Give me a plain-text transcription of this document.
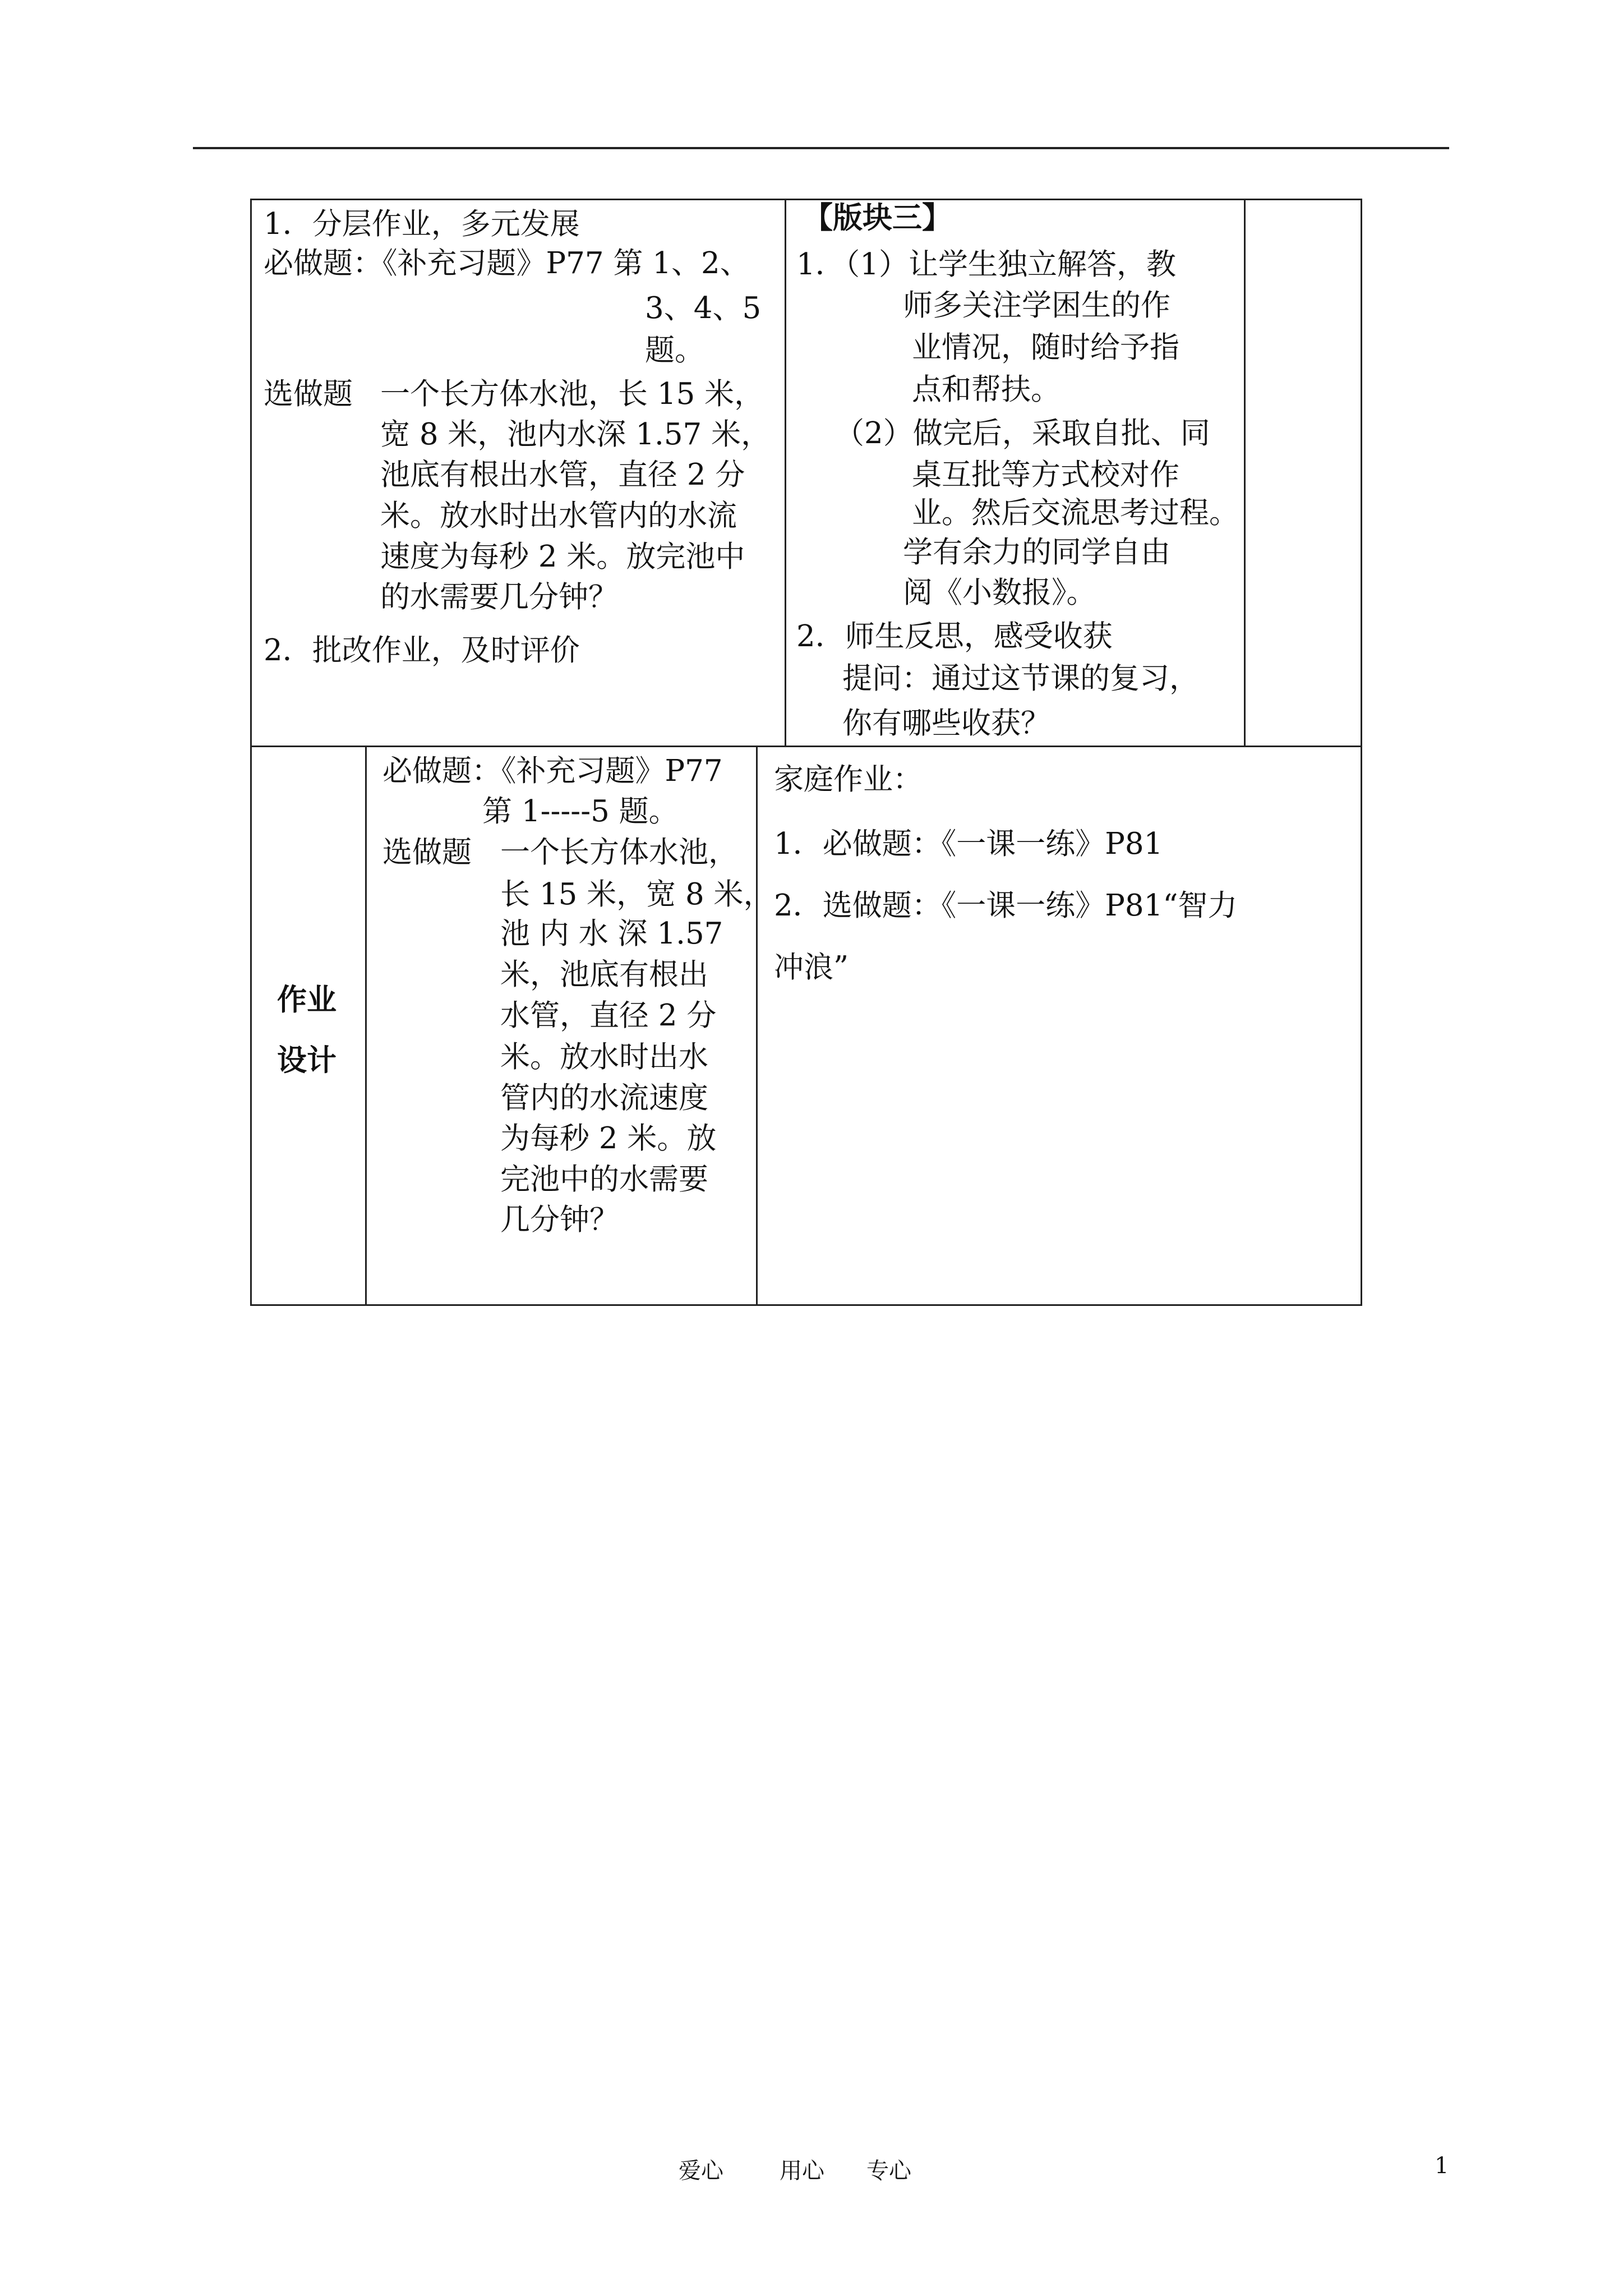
1．分层作业，多元发展
必做题：《补充习题》P77 第 1、2、
3、4、5
题。
选做题 一个长方体水池，长 15 米，
宽 8 米，池内水深 1.57 米，
池底有根出水管，直径 2 分
米。放水时出水管内的水流
速度为每秒 2 米。放完池中
的水需要几分钟？
2．批改作业，及时评价
【版块三】
1．（1）让学生独立解答，教
师多关注学困生的作
业情况，随时给予指
点和帮扶。
（2）做完后，采取自批、同
桌互批等方式校对作
业。然后交流思考过程。
学有余力的同学自由
阅《小数报》。
2．师生反思，感受收获
提问：通过这节课的复习，
你有哪些收获？
作业
设计
必做题：《补充习题》P77
第 1-----5 题。
选做题 一个长方体水池，
长 15 米，宽 8 米，
池 内 水 深 1.57
米，池底有根出
水管，直径 2 分
米。放水时出水
管内的水流速度
为每秒 2 米。放
完池中的水需要
几分钟？
家庭作业：
1．必做题：《一课一练》P81
2．选做题：《一课一练》P81“智力
冲浪”
爱心	用心 专心	1
